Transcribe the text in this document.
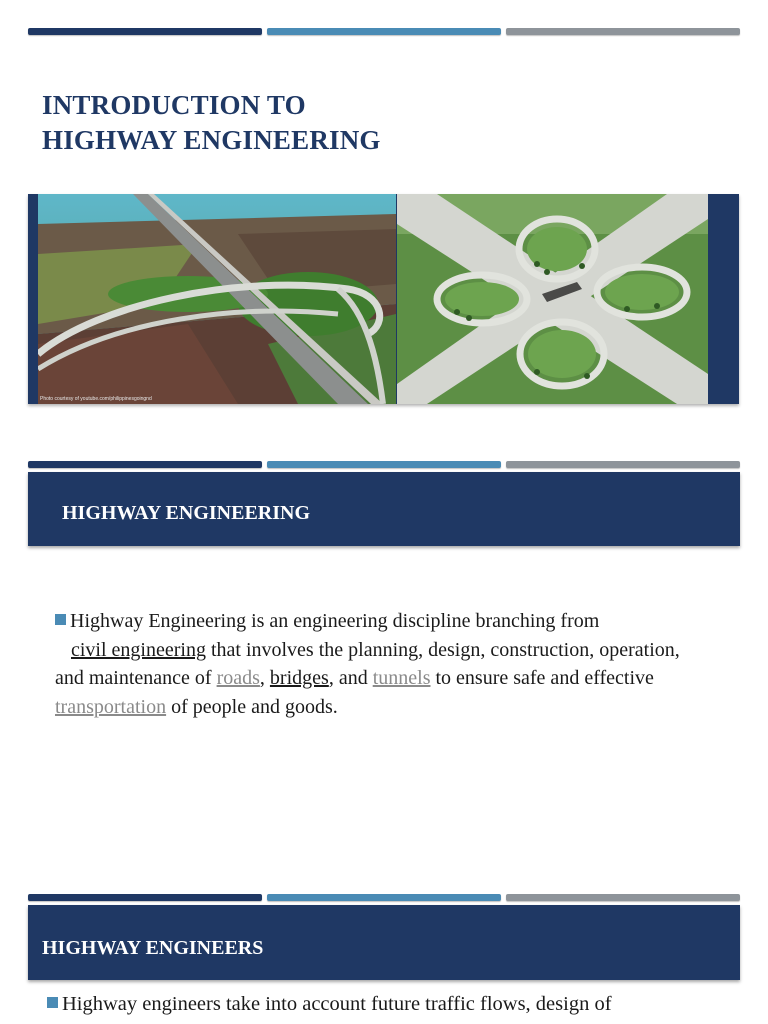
INTRODUCTION TO
HIGHWAY ENGINEERING
Photo courtesy of youtube.com/philippinesgoingnd
HIGHWAY ENGINEERING

Highway Engineering is an engineering discipline branching from
civil engineering that involves the planning, design, construction, operation, and maintenance of roads, bridges, and tunnels to ensure safe and effective transportation of people and goods.

HIGHWAY ENGINEERS

Highway engineers take into account future traffic flows, design of
